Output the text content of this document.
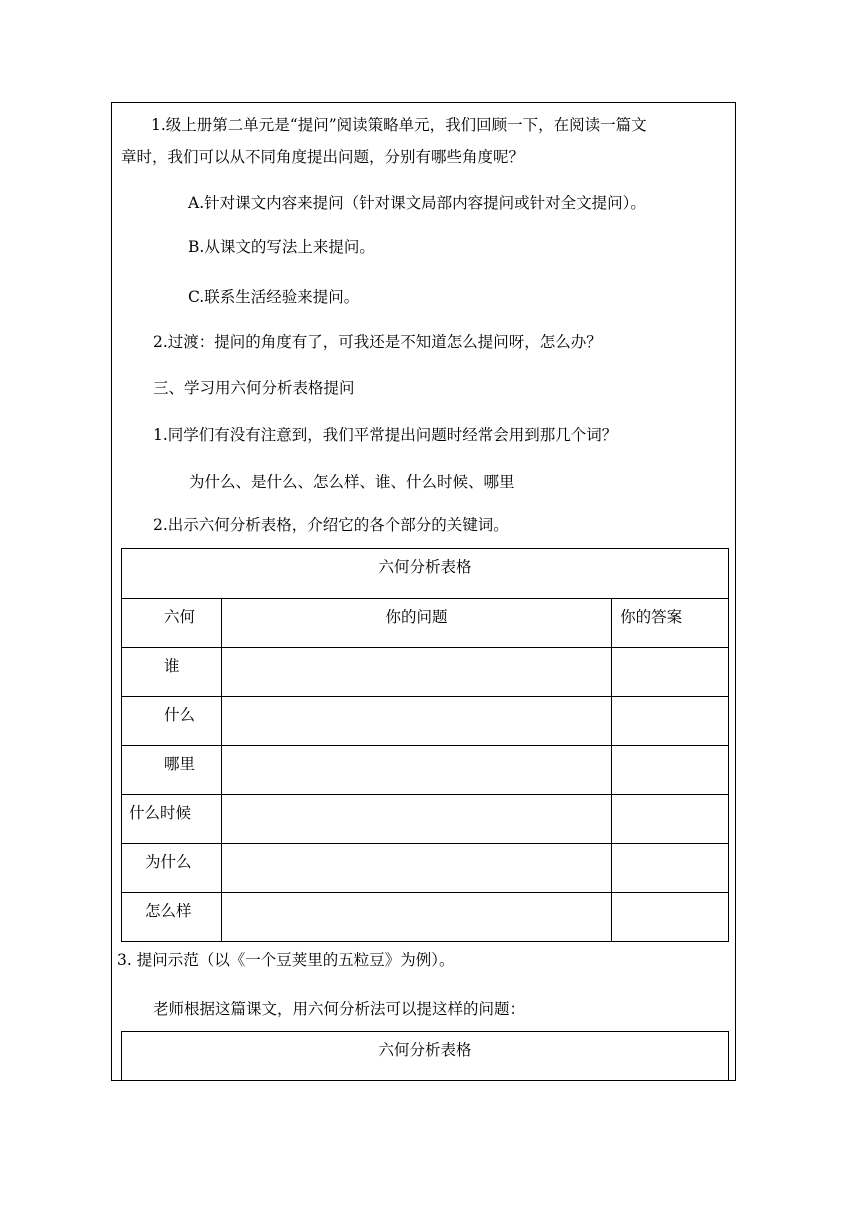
1.级上册第二单元是“提问”阅读策略单元，我们回顾一下，在阅读一篇文
章时，我们可以从不同角度提出问题，分别有哪些角度呢？
A.针对课文内容来提问（针对课文局部内容提问或针对全文提问）。
B.从课文的写法上来提问。
C.联系生活经验来提问。
2.过渡：提问的角度有了，可我还是不知道怎么提问呀，怎么办？
三、学习用六何分析表格提问
1.同学们有没有注意到，我们平常提出问题时经常会用到那几个词？
为什么、是什么、怎么样、谁、什么时候、哪里
2.出示六何分析表格，介绍它的各个部分的关键词。
六何分析表格		

六何	你的问题	你的答案

谁		

什么		

哪里		

什么时候		

为什么		

怎么样		

3. 提问示范（以《一个豆荚里的五粒豆》为例）。
老师根据这篇课文，用六何分析法可以提这样的问题：
六何分析表格
